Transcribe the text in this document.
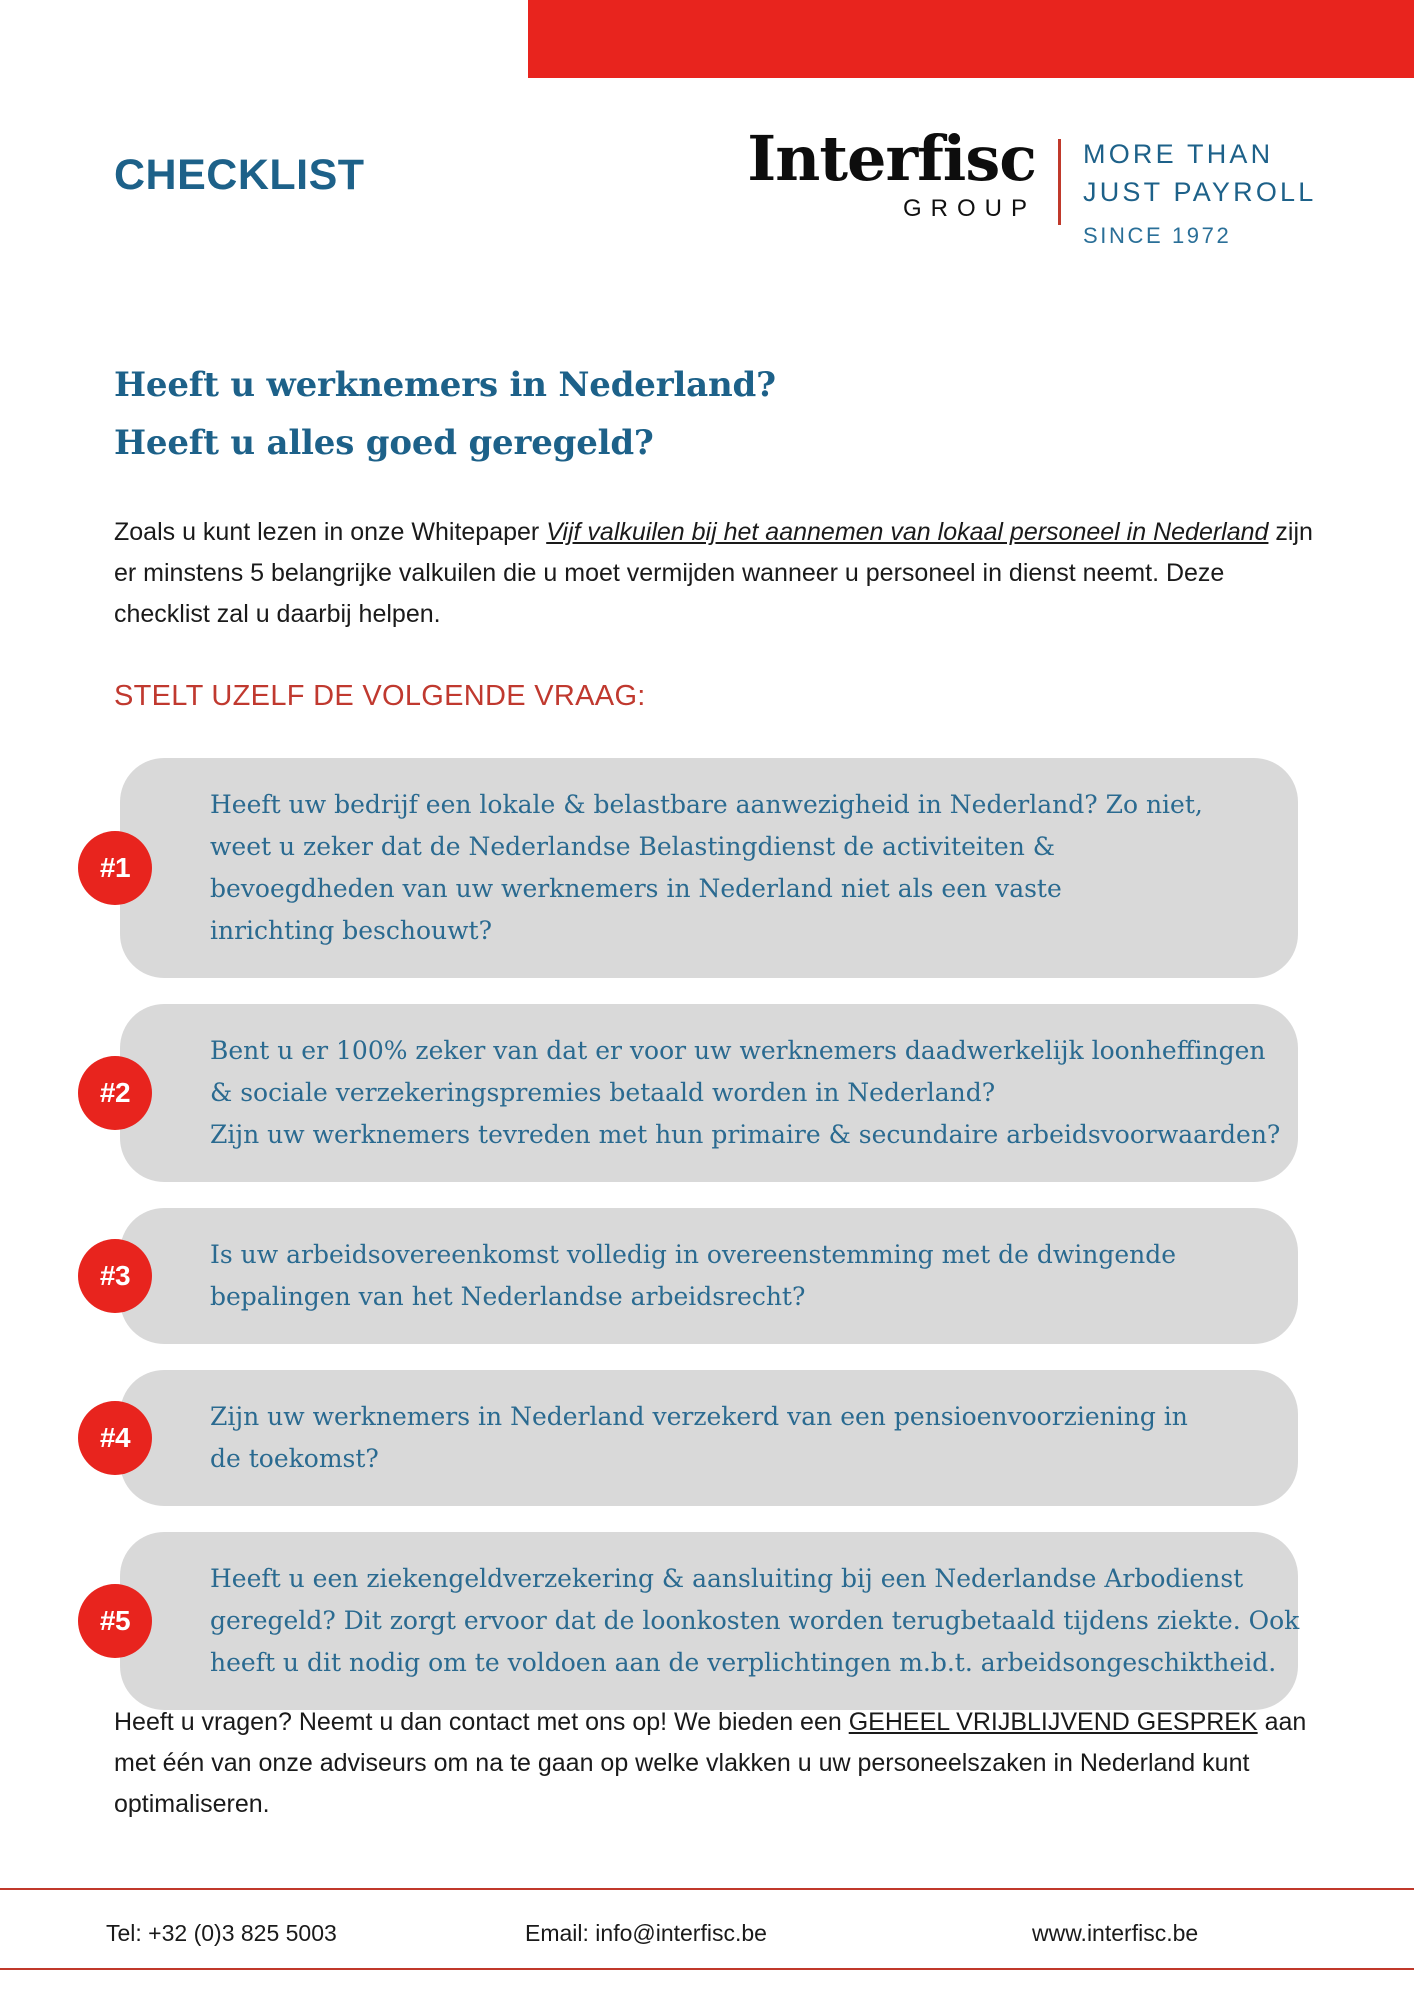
CHECKLIST	Interfisc
GROUP
MORE THAN
JUST PAYROLL
SINCE 1972
Heeft u werknemers in Nederland?
Heeft u alles goed geregeld?

Zoals u kunt lezen in onze Whitepaper Vijf valkuilen bij het aannemen van lokaal personeel in Nederland zijn er minstens 5 belangrijke valkuilen die u moet vermijden wanneer u personeel in dienst neemt. Deze checklist zal u daarbij helpen.

STELT UZELF DE VOLGENDE VRAAG:
#1
Heeft uw bedrijf een lokale & belastbare aanwezigheid in Nederland? Zo niet,
weet u zeker dat de Nederlandse Belastingdienst de activiteiten &
bevoegdheden van uw werknemers in Nederland niet als een vaste
inrichting beschouwt?
#2
Bent u er 100% zeker van dat er voor uw werknemers daadwerkelijk loonheffingen
& sociale verzekeringspremies betaald worden in Nederland?
Zijn uw werknemers tevreden met hun primaire & secundaire arbeidsvoorwaarden?
#3
Is uw arbeidsovereenkomst volledig in overeenstemming met de dwingende
bepalingen van het Nederlandse arbeidsrecht?
#4
Zijn uw werknemers in Nederland verzekerd van een pensioenvoorziening in
de toekomst?
#5
Heeft u een ziekengeldverzekering & aansluiting bij een Nederlandse Arbodienst
geregeld? Dit zorgt ervoor dat de loonkosten worden terugbetaald tijdens ziekte. Ook
heeft u dit nodig om te voldoen aan de verplichtingen m.b.t. arbeidsongeschiktheid.

Heeft u vragen? Neemt u dan contact met ons op! We bieden een GEHEEL VRIJBLIJVEND GESPREK aan met één van onze adviseurs om na te gaan op welke vlakken u uw personeelszaken in Nederland kunt optimaliseren.

Tel: +32 (0)3 825 5003	Email: info@interfisc.be	www.interfisc.be
